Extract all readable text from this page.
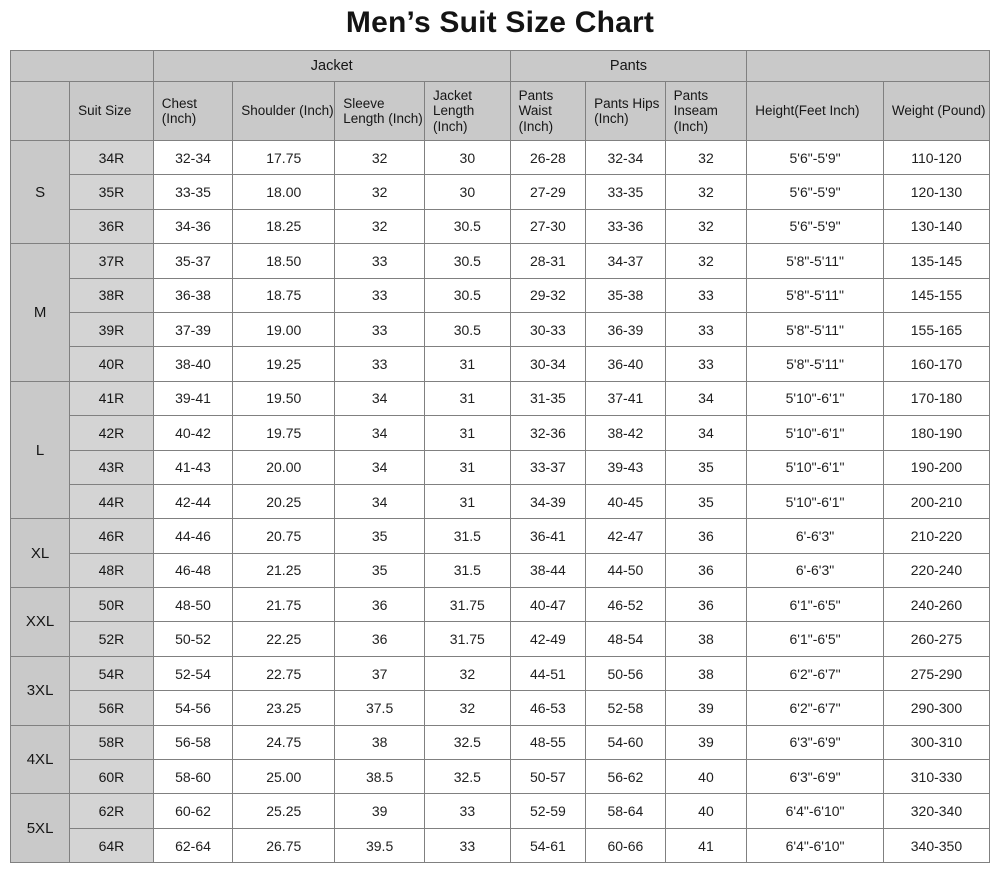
Men’s Suit Size Chart
		Jacket				Pants				
	Suit Size	Chest (Inch)	Shoulder (Inch)	Sleeve Length (Inch)	Jacket Length (Inch)	Pants Waist (Inch)	Pants Hips (Inch)	Pants Inseam (Inch)	Height(Feet Inch)	Weight (Pound)
S	34R	32-34	17.75	32	30	26-28	32-34	32	5'6"-5'9"	110-120
	35R	33-35	18.00	32	30	27-29	33-35	32	5'6"-5'9"	120-130
	36R	34-36	18.25	32	30.5	27-30	33-36	32	5'6"-5'9"	130-140
M	37R	35-37	18.50	33	30.5	28-31	34-37	32	5'8"-5'11"	135-145
	38R	36-38	18.75	33	30.5	29-32	35-38	33	5'8"-5'11"	145-155
	39R	37-39	19.00	33	30.5	30-33	36-39	33	5'8"-5'11"	155-165
	40R	38-40	19.25	33	31	30-34	36-40	33	5'8"-5'11"	160-170
L	41R	39-41	19.50	34	31	31-35	37-41	34	5'10"-6'1"	170-180
	42R	40-42	19.75	34	31	32-36	38-42	34	5'10"-6'1"	180-190
	43R	41-43	20.00	34	31	33-37	39-43	35	5'10"-6'1"	190-200
	44R	42-44	20.25	34	31	34-39	40-45	35	5'10"-6'1"	200-210
XL	46R	44-46	20.75	35	31.5	36-41	42-47	36	6'-6'3"	210-220
	48R	46-48	21.25	35	31.5	38-44	44-50	36	6'-6'3"	220-240
XXL	50R	48-50	21.75	36	31.75	40-47	46-52	36	6'1"-6'5"	240-260
	52R	50-52	22.25	36	31.75	42-49	48-54	38	6'1"-6'5"	260-275
3XL	54R	52-54	22.75	37	32	44-51	50-56	38	6'2"-6'7"	275-290
	56R	54-56	23.25	37.5	32	46-53	52-58	39	6'2"-6'7"	290-300
4XL	58R	56-58	24.75	38	32.5	48-55	54-60	39	6'3"-6'9"	300-310
	60R	58-60	25.00	38.5	32.5	50-57	56-62	40	6'3"-6'9"	310-330
5XL	62R	60-62	25.25	39	33	52-59	58-64	40	6'4"-6'10"	320-340
	64R	62-64	26.75	39.5	33	54-61	60-66	41	6'4"-6'10"	340-350
